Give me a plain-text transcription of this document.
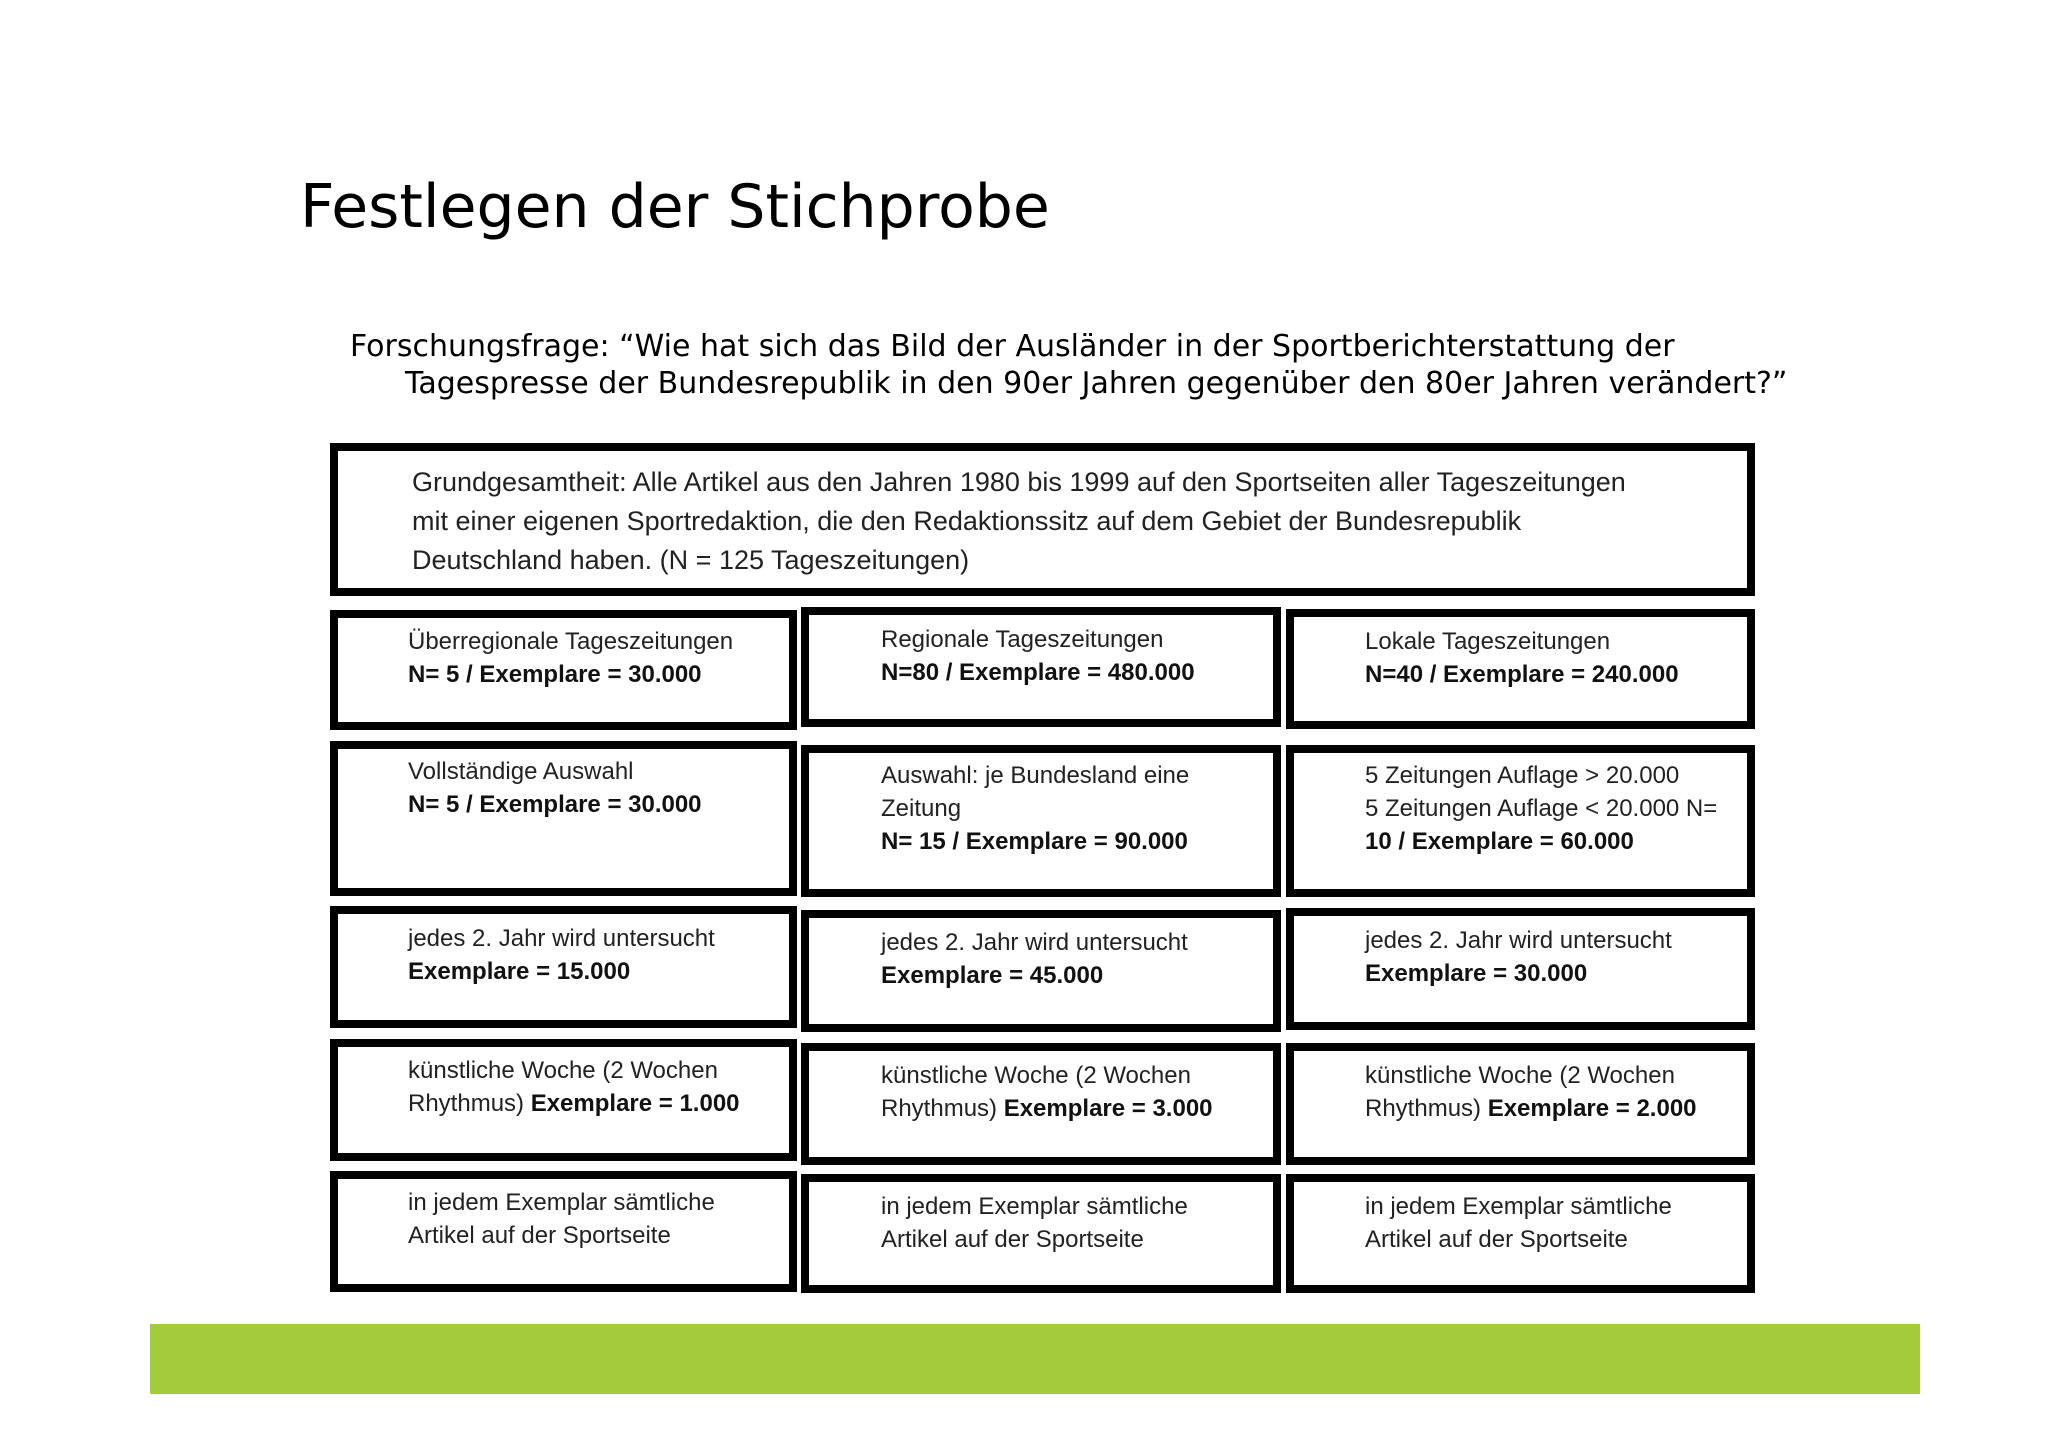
Festlegen der Stichprobe
Forschungsfrage: “Wie hat sich das Bild der Ausländer in der Sportberichterstattung der
Tagespresse der Bundesrepublik in den 90er Jahren gegenüber den 80er Jahren verändert?”
Grundgesamtheit: Alle Artikel aus den Jahren 1980 bis 1999 auf den Sportseiten aller Tageszeitungen
mit einer eigenen Sportredaktion, die den Redaktionssitz auf dem Gebiet der Bundesrepublik
Deutschland haben. (N = 125 Tageszeitungen)
Überregionale Tageszeitungen
N= 5 / Exemplare = 30.000
Regionale Tageszeitungen
N=80 / Exemplare = 480.000
Lokale Tageszeitungen
N=40 / Exemplare = 240.000
Vollständige Auswahl
N= 5 / Exemplare = 30.000
Auswahl: je Bundesland eine
Zeitung
N= 15 / Exemplare = 90.000
5 Zeitungen Auflage > 20.000
5 Zeitungen Auflage < 20.000 N=
10 / Exemplare = 60.000
jedes 2. Jahr wird untersucht
Exemplare = 15.000
jedes 2. Jahr wird untersucht
Exemplare = 45.000
jedes 2. Jahr wird untersucht
Exemplare = 30.000
künstliche Woche (2 Wochen
Rhythmus) Exemplare = 1.000
künstliche Woche (2 Wochen
Rhythmus) Exemplare = 3.000
künstliche Woche (2 Wochen
Rhythmus) Exemplare = 2.000
in jedem Exemplar sämtliche
Artikel auf der Sportseite
in jedem Exemplar sämtliche
Artikel auf der Sportseite
in jedem Exemplar sämtliche
Artikel auf der Sportseite
